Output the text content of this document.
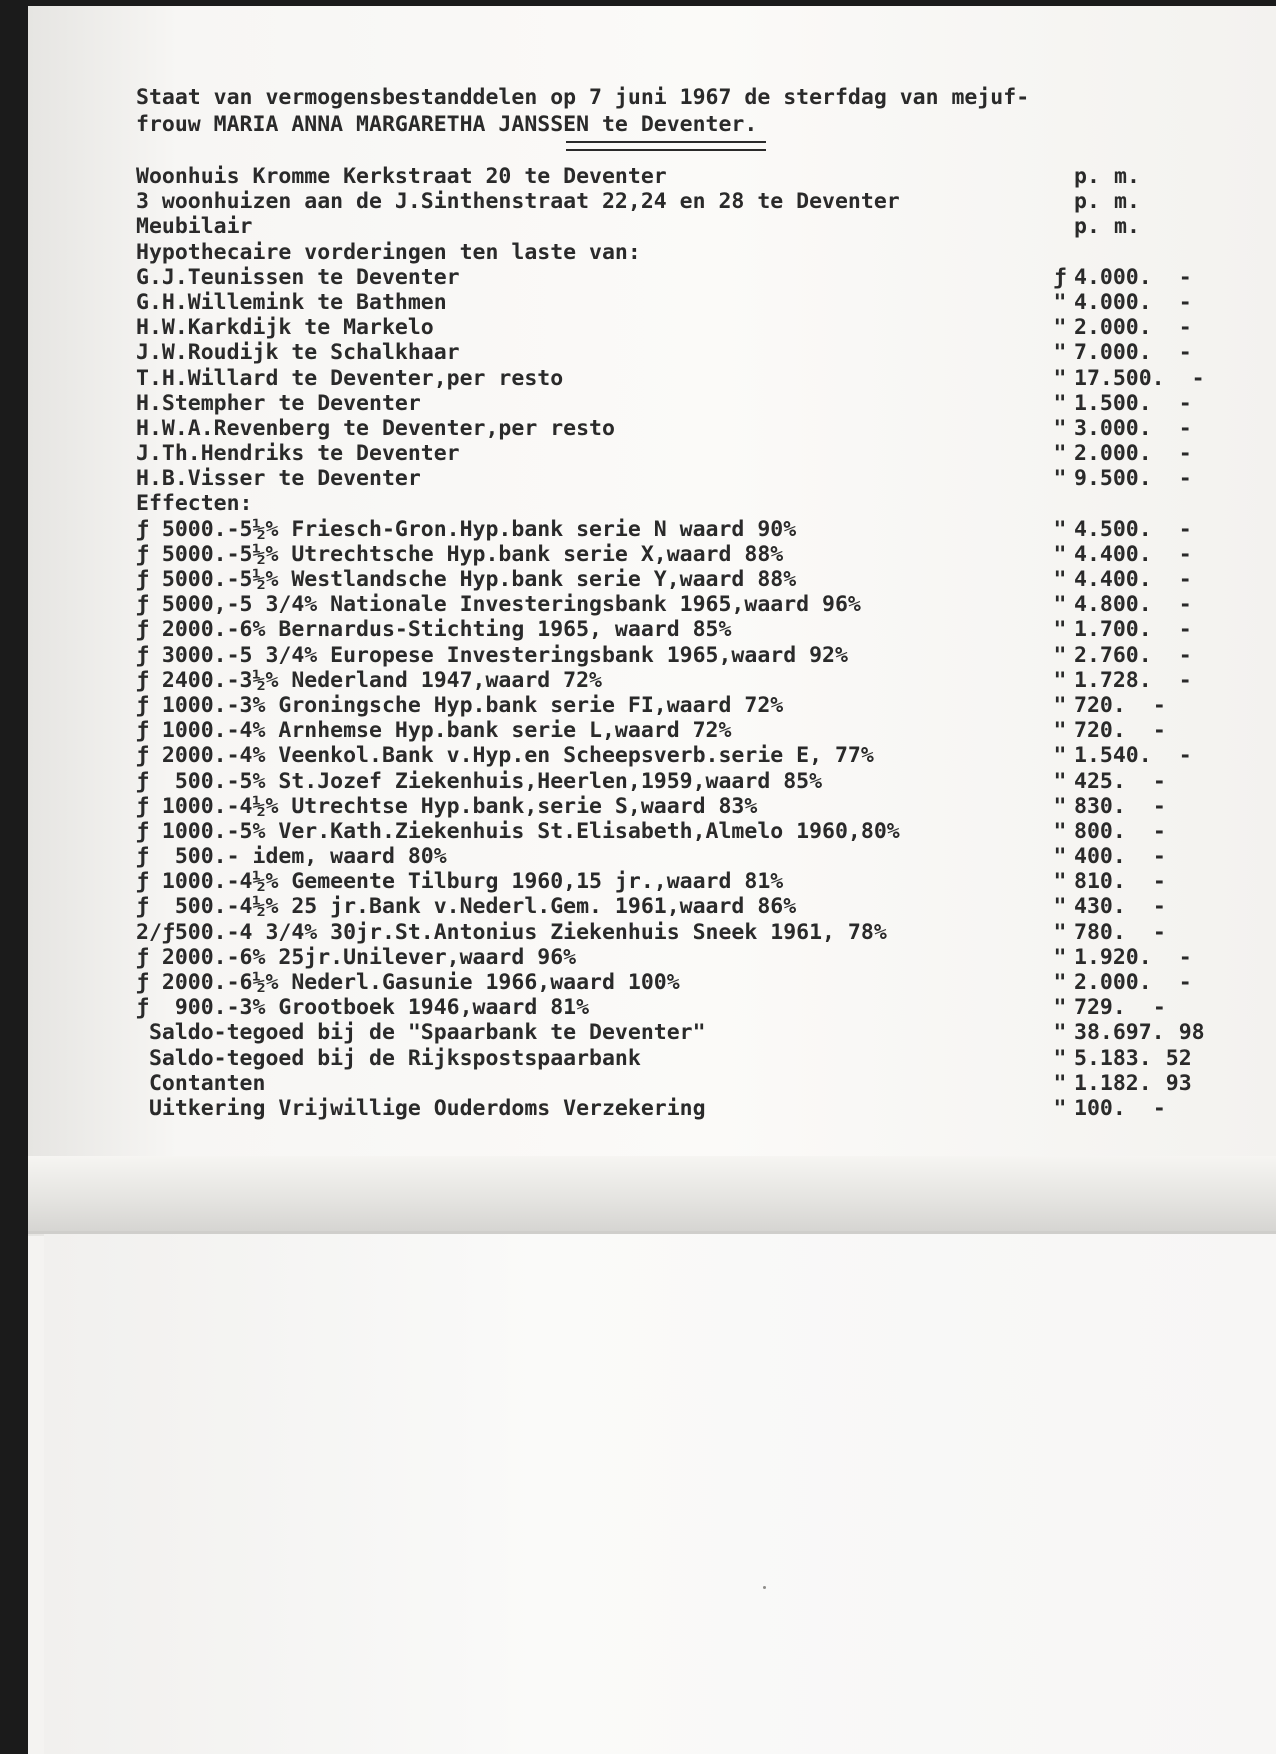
Staat van vermogensbestanddelen op 7 juni 1967 de sterfdag van mejuf-
frouw MARIA ANNA MARGARETHA JANSSEN te Deventer.
Woonhuis Kromme Kerkstraat 20 te Deventer	p. m.
3 woonhuizen aan de J.Sinthenstraat 22,24 en 28 te Deventer	p. m.
Meubilair	p. m.
Hypothecaire vorderingen ten laste van:
G.J.Teunissen te Deventer	ƒ 4.000.	-
G.H.Willemink te Bathmen	" 4.000.	-
H.W.Karkdijk te Markelo	" 2.000.	-
J.W.Roudijk te Schalkhaar	" 7.000.	-
T.H.Willard te Deventer,per resto	" 17.500.	-
H.Stempher te Deventer	" 1.500.	-
H.W.A.Revenberg te Deventer,per resto	" 3.000.	-
J.Th.Hendriks te Deventer	" 2.000.	-
H.B.Visser te Deventer	" 9.500.	-
Effecten:
ƒ 5000.-5½% Friesch-Gron.Hyp.bank serie N waard 90%	" 4.500.	-
ƒ 5000.-5½% Utrechtsche Hyp.bank serie X,waard 88%	" 4.400.	-
ƒ 5000.-5½% Westlandsche Hyp.bank serie Y,waard 88%	" 4.400.	-
ƒ 5000,-5 3/4% Nationale Investeringsbank 1965,waard 96%	" 4.800.	-
ƒ 2000.-6% Bernardus-Stichting 1965, waard 85%	" 1.700.	-
ƒ 3000.-5 3/4% Europese Investeringsbank 1965,waard 92%	" 2.760.	-
ƒ 2400.-3½% Nederland 1947,waard 72%	" 1.728.	-
ƒ 1000.-3% Groningsche Hyp.bank serie FI,waard 72%	" 720.	-
ƒ 1000.-4% Arnhemse Hyp.bank serie L,waard 72%	" 720.	-
ƒ 2000.-4% Veenkol.Bank v.Hyp.en Scheepsverb.serie E, 77%	" 1.540.	-
ƒ  500.-5% St.Jozef Ziekenhuis,Heerlen,1959,waard 85%	" 425.	-
ƒ 1000.-4½% Utrechtse Hyp.bank,serie S,waard 83%	" 830.	-
ƒ 1000.-5% Ver.Kath.Ziekenhuis St.Elisabeth,Almelo 1960,80%	" 800.	-
ƒ  500.- idem, waard 80%	" 400.	-
ƒ 1000.-4½% Gemeente Tilburg 1960,15 jr.,waard 81%	" 810.	-
ƒ  500.-4½% 25 jr.Bank v.Nederl.Gem. 1961,waard 86%	" 430.	-
2/ƒ500.-4 3/4% 30jr.St.Antonius Ziekenhuis Sneek 1961, 78%	" 780.	-
ƒ 2000.-6% 25jr.Unilever,waard 96%	" 1.920.	-
ƒ 2000.-6½% Nederl.Gasunie 1966,waard 100%	" 2.000.	-
ƒ  900.-3% Grootboek 1946,waard 81%	" 729.	-
Saldo-tegoed bij de "Spaarbank te Deventer"	" 38.697. 98
Saldo-tegoed bij de Rijkspostspaarbank	" 5.183. 52
Contanten	" 1.182. 93
Uitkering Vrijwillige Ouderdoms Verzekering	" 100.	-
